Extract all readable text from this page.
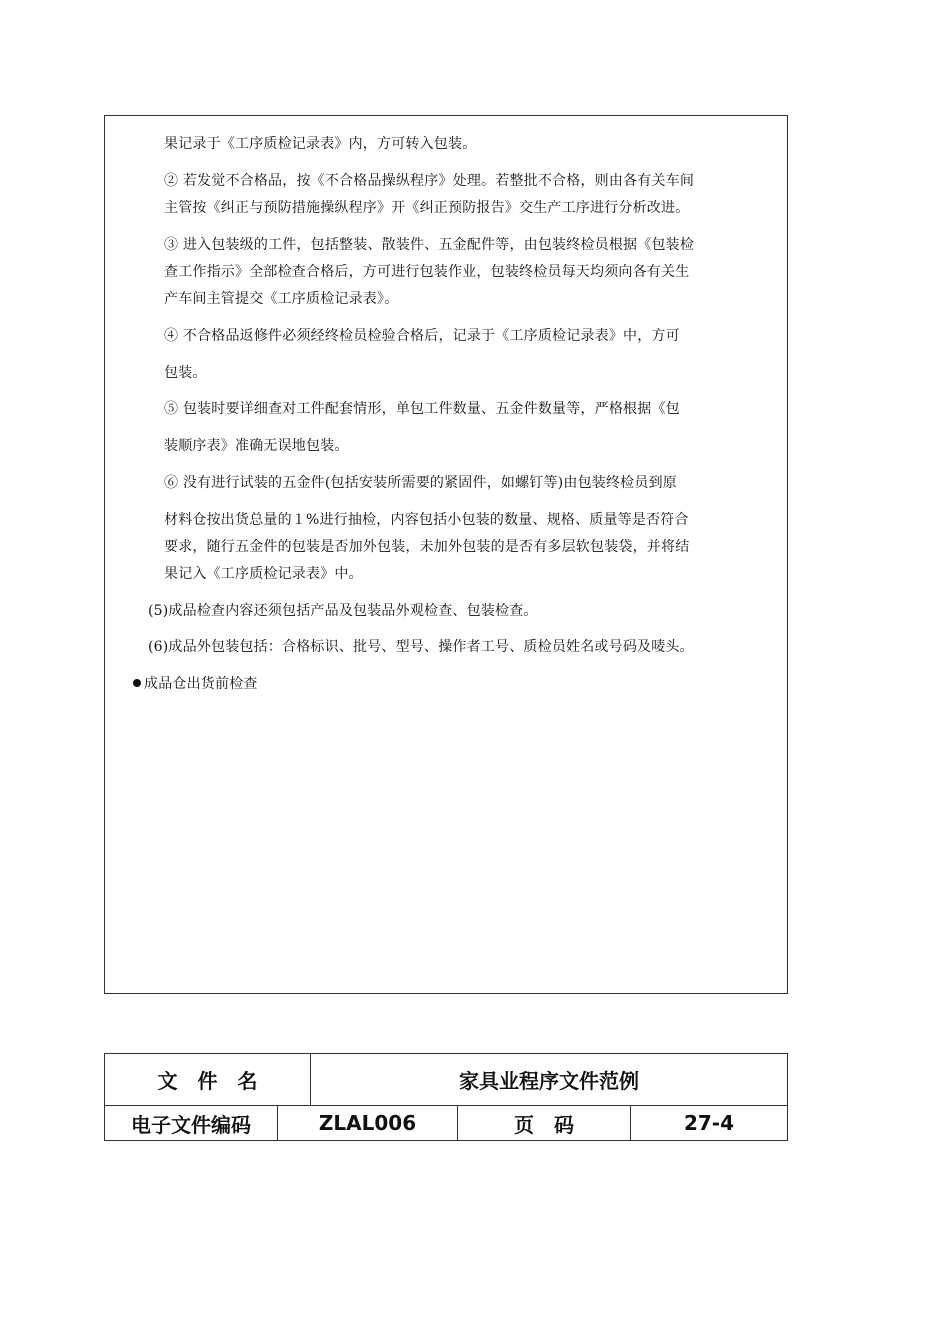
果记录于《工序质检记录表》内，方可转入包装。
② 若发觉不合格品，按《不合格品操纵程序》处理。若整批不合格，则由各有关车间
主管按《纠正与预防措施操纵程序》开《纠正预防报告》交生产工序进行分析改进。
③ 进入包装级的工件，包括整装、散装件、五金配件等，由包装终检员根据《包装检
查工作指示》全部检查合格后，方可进行包装作业，包装终检员每天均须向各有关生
产车间主管提交《工序质检记录表》。
④ 不合格品返修件必须经终检员检验合格后，记录于《工序质检记录表》中，方可
包装。
⑤ 包装时要详细查对工件配套情形，单包工件数量、五金件数量等，严格根据《包
装顺序表》准确无误地包装。
⑥ 没有进行试装的五金件(包括安装所需要的紧固件，如螺钉等)由包装终检员到原
材料仓按出货总量的１%进行抽检，内容包括小包装的数量、规格、质量等是否符合
要求，随行五金件的包装是否加外包装，未加外包装的是否有多层软包装袋，并将结
果记入《工序质检记录表》中。
(5)成品检查内容还须包括产品及包装品外观检查、包装检查。
(6)成品外包装包括：合格标识、批号、型号、操作者工号、质检员姓名或号码及唛头。
成品仓出货前检查
文　件　名	家具业程序文件范例
电子文件编码	ZLAL006	页　码	27-4
